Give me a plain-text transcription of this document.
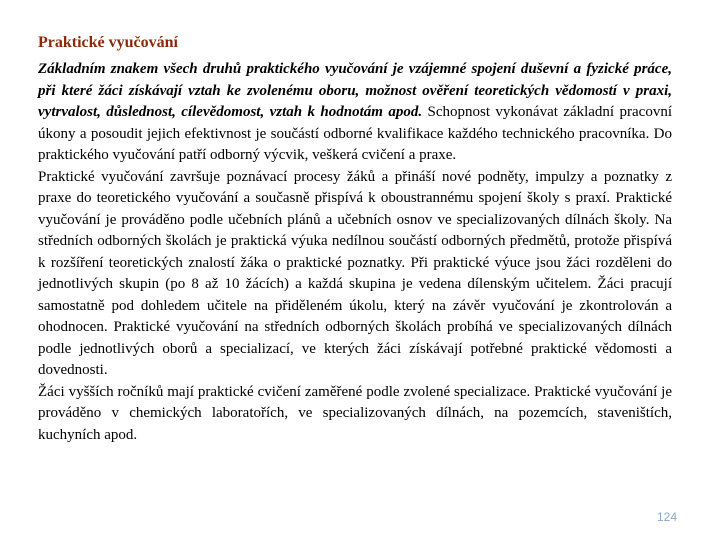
Praktické vyučování

Základním znakem všech druhů praktického vyučování je vzájemné spojení duševní a fyzické práce, při které žáci získávají vztah ke zvolenému oboru, možnost ověření teoretických vědomostí v praxi, vytrvalost, důslednost, cílevědomost, vztah k hodnotám apod. Schopnost vykonávat základní pracovní úkony a posoudit jejich efektivnost je součástí odborné kvalifikace každého technického pracovníka. Do praktického vyučování patří odborný výcvik, veškerá cvičení a praxe.

Praktické vyučování završuje poznávací procesy žáků a přináší nové podněty, impulzy a poznatky z praxe do teoretického vyučování a současně přispívá k oboustrannému spojení školy s praxí. Praktické vyučování je prováděno podle učebních plánů a učebních osnov ve specializovaných dílnách školy. Na středních odborných školách je praktická výuka nedílnou součástí odborných předmětů, protože přispívá k rozšíření teoretických znalostí žáka o praktické poznatky. Při praktické výuce jsou žáci rozděleni do jednotlivých skupin (po 8 až 10 žácích) a každá skupina je vedena dílenským učitelem. Žáci pracují samostatně pod dohledem učitele na přiděleném úkolu, který na závěr vyučování je zkontrolován a ohodnocen. Praktické vyučování na středních odborných školách probíhá ve specializovaných dílnách podle jednotlivých oborů a specializací, ve kterých žáci získávají potřebné praktické vědomosti a dovednosti.

Žáci vyšších ročníků mají praktické cvičení zaměřené podle zvolené specializace. Praktické vyučování je prováděno v chemických laboratořích, ve specializovaných dílnách, na pozemcích, staveništích, kuchyních apod.

124
